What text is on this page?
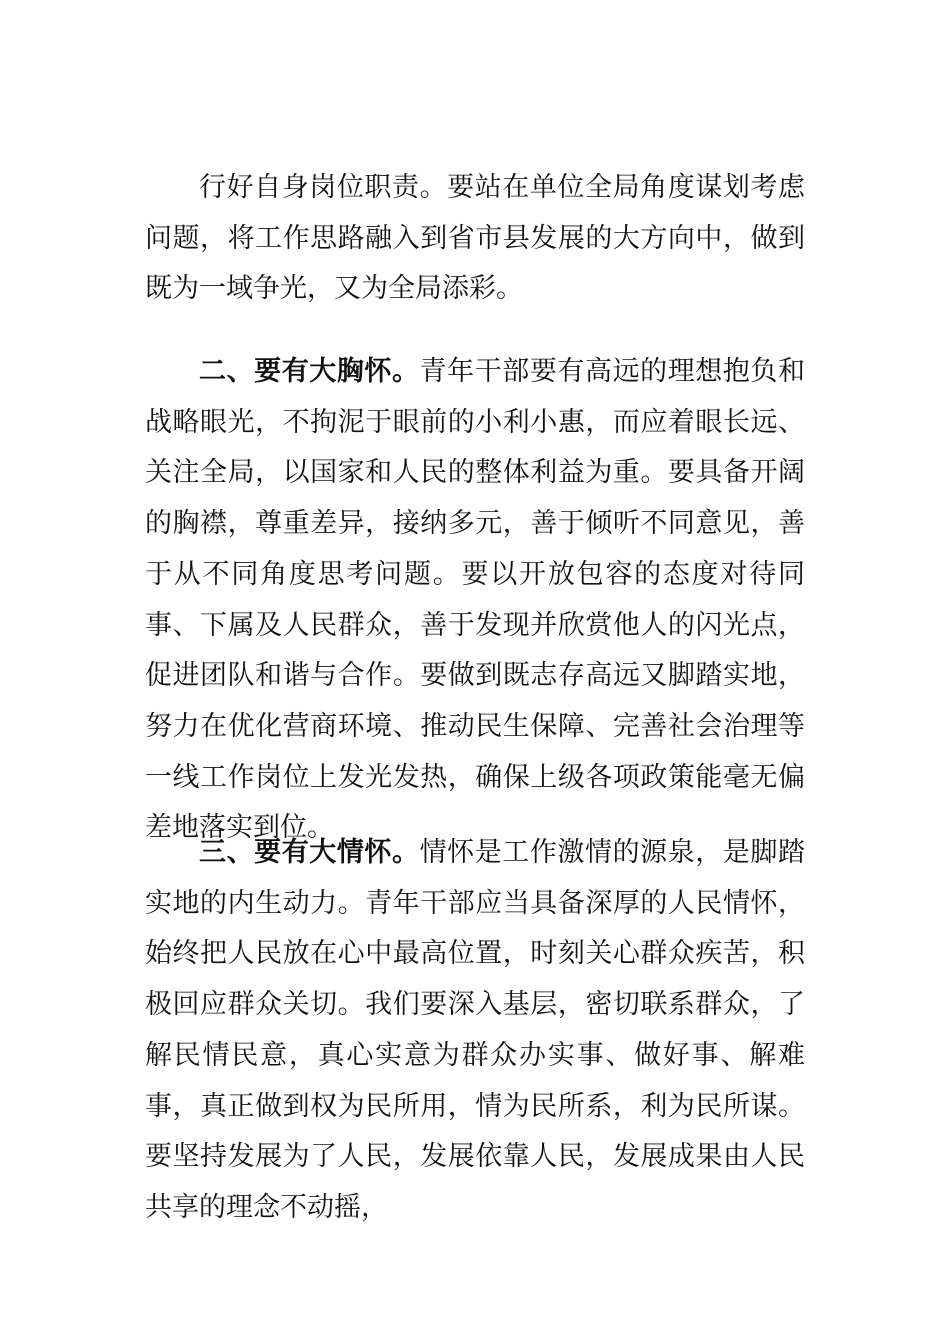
行好自身岗位职责。要站在单位全局角度谋划考虑问题，将工作思路融入到省市县发展的大方向中，做到既为一域争光，又为全局添彩。

二、要有大胸怀。青年干部要有高远的理想抱负和战略眼光，不拘泥于眼前的小利小惠，而应着眼长远、关注全局，以国家和人民的整体利益为重。要具备开阔的胸襟，尊重差异，接纳多元，善于倾听不同意见，善于从不同角度思考问题。要以开放包容的态度对待同事、下属及人民群众，善于发现并欣赏他人的闪光点，促进团队和谐与合作。要做到既志存高远又脚踏实地，努力在优化营商环境、推动民生保障、完善社会治理等一线工作岗位上发光发热，确保上级各项政策能毫无偏差地落实到位。

三、要有大情怀。情怀是工作激情的源泉，是脚踏实地的内生动力。青年干部应当具备深厚的人民情怀，始终把人民放在心中最高位置，时刻关心群众疾苦，积极回应群众关切。我们要深入基层，密切联系群众，了解民情民意，真心实意为群众办实事、做好事、解难事，真正做到权为民所用，情为民所系，利为民所谋。要坚持发展为了人民，发展依靠人民，发展成果由人民共享的理念不动摇，
